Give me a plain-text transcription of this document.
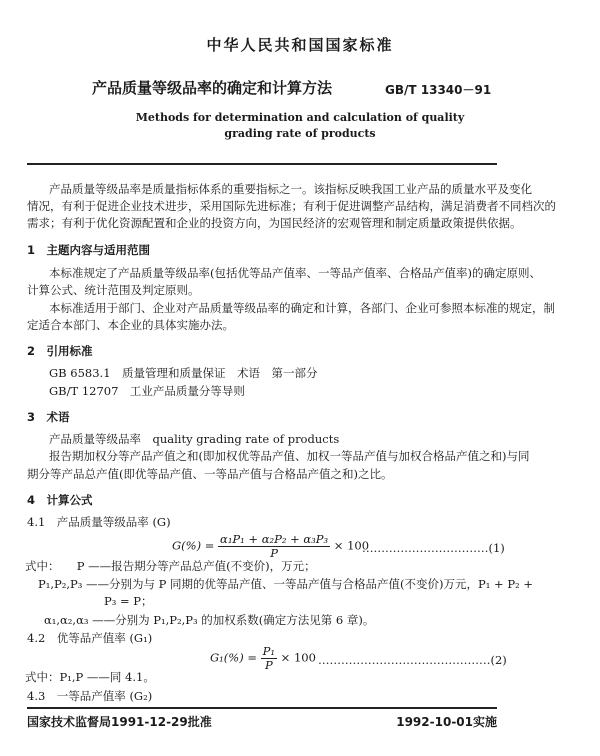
中华人民共和国国家标准
产品质量等级品率的确定和计算方法	GB/T 13340－91
Methods for determination and calculation of quality
grading rate of products
产品质量等级品率是质量指标体系的重要指标之一。该指标反映我国工业产品的质量水平及变化
情况，有利于促进企业技术进步，采用国际先进标准；有利于促进调整产品结构，满足消费者不同档次的
需求；有利于优化资源配置和企业的投资方向，为国民经济的宏观管理和制定质量政策提供依据。
1　主题内容与适用范围
本标准规定了产品质量等级品率(包括优等品产值率、一等品产值率、合格品产值率)的确定原则、
计算公式、统计范围及判定原则。
本标准适用于部门、企业对产品质量等级品率的确定和计算，各部门、企业可参照本标准的规定，制
定适合本部门、本企业的具体实施办法。
2　引用标准
GB 6583.1　质量管理和质量保证　术语　第一部分
GB/T 12707　工业产品质量分等导则
3　术语
产品质量等级品率　quality grading rate of products
报告期加权分等产品产值之和(即加权优等品产值、加权一等品产值与加权合格品产值之和)与同
期分等产品总产值(即优等品产值、一等品产值与合格品产值之和)之比。
4　计算公式
4.1　产品质量等级品率 (G)
$G(\%) = \frac{\text{α₁P₁ + α₂P₂ + α₃P₃}}{P} \times 100$
……………………………(1)
式中：　　P ——报告期分等产品总产值(不变价)，万元；
P₁,P₂,P₃ ——分别为与 P 同期的优等品产值、一等品产值与合格品产值(不变价)万元，P₁ + P₂ +
P₃ = P；
α₁,α₂,α₃ ——分别为 P₁,P₂,P₃ 的加权系数(确定方法见第 6 章)。
4.2　优等品产值率 (G₁)
$G_1(\%) = \frac{\text{P₁}}{P} \times 100$ ………………………………………(2)
式中：P₁,P ——同 4.1。
4.3　一等品产值率 (G₂)
国家技术监督局1991-12-29批准	1992-10-01实施
